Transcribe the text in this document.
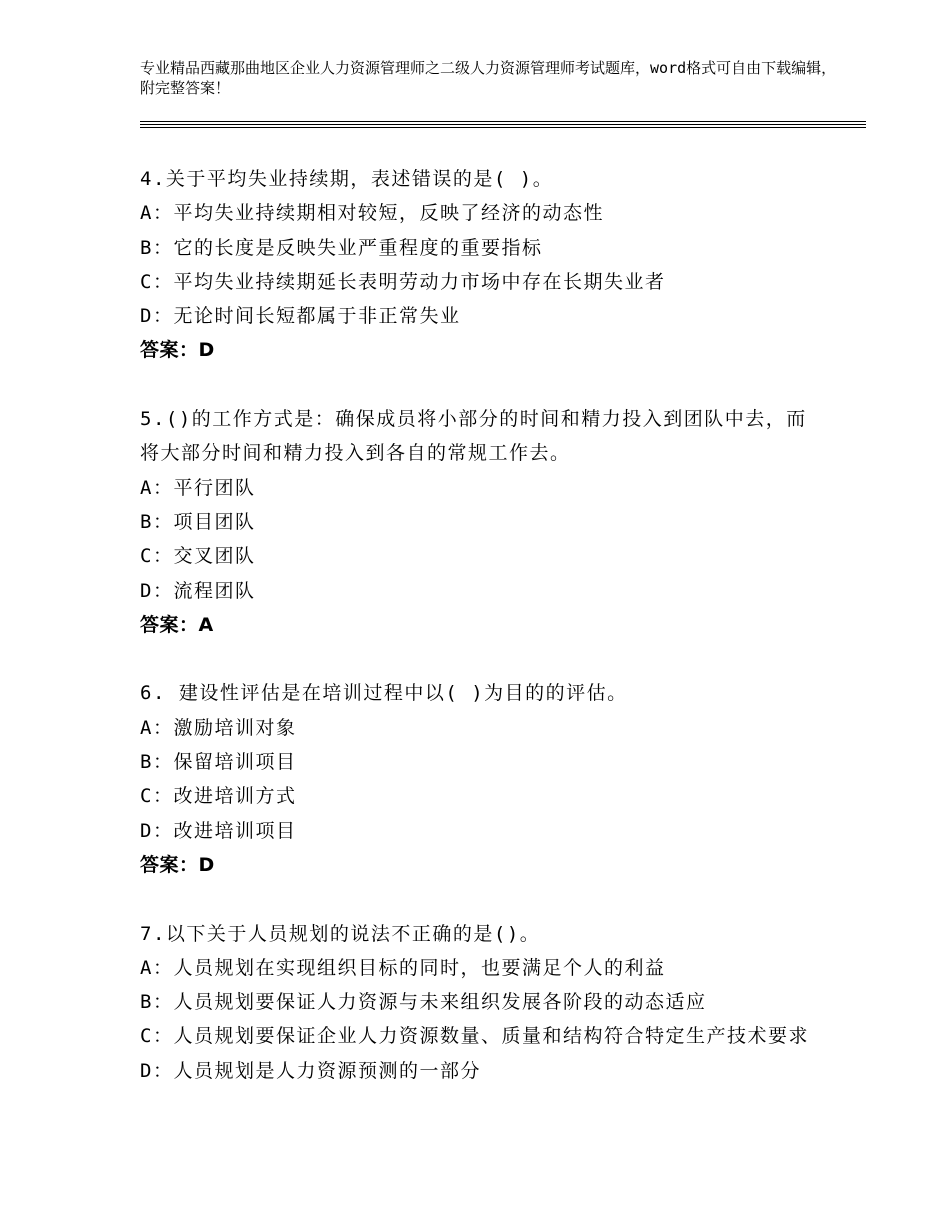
专业精品西藏那曲地区企业人力资源管理师之二级人力资源管理师考试题库，word格式可自由下载编辑，附完整答案！
4.关于平均失业持续期，表述错误的是( )。
A：平均失业持续期相对较短，反映了经济的动态性
B：它的长度是反映失业严重程度的重要指标
C：平均失业持续期延长表明劳动力市场中存在长期失业者
D：无论时间长短都属于非正常失业
答案：D
5.()的工作方式是：确保成员将小部分的时间和精力投入到团队中去，而将大部分时间和精力投入到各自的常规工作去。
A：平行团队
B：项目团队
C：交叉团队
D：流程团队
答案：A
6. 建设性评估是在培训过程中以( )为目的的评估。
A：激励培训对象
B：保留培训项目
C：改进培训方式
D：改进培训项目
答案：D
7.以下关于人员规划的说法不正确的是()。
A：人员规划在实现组织目标的同时，也要满足个人的利益
B：人员规划要保证人力资源与未来组织发展各阶段的动态适应
C：人员规划要保证企业人力资源数量、质量和结构符合特定生产技术要求
D：人员规划是人力资源预测的一部分
